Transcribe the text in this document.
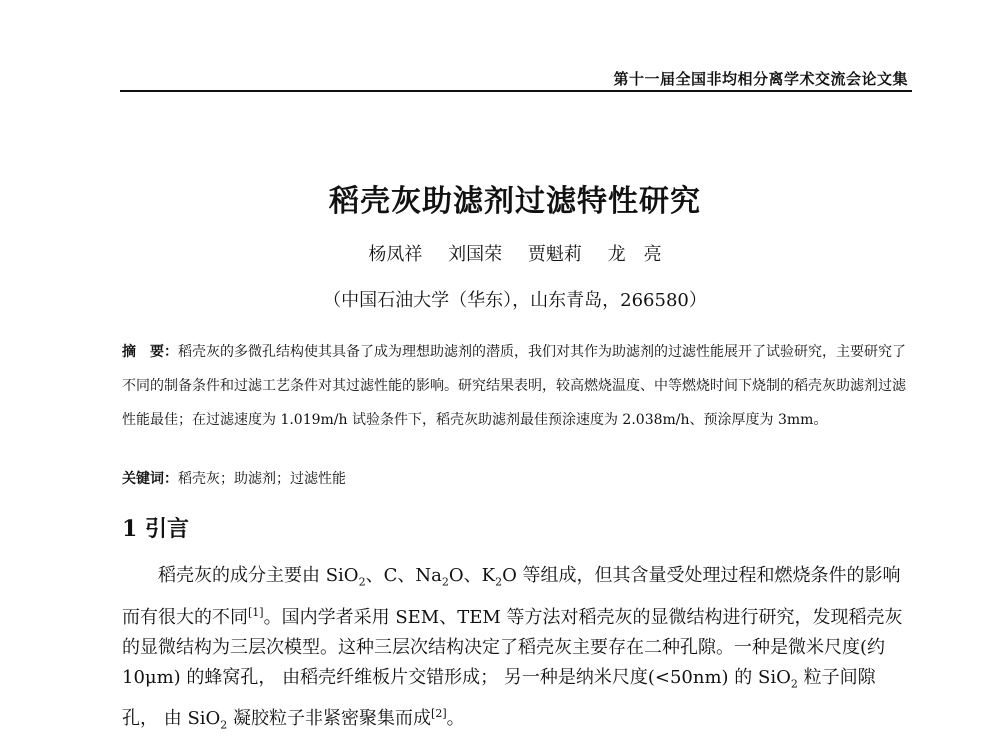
第十一届全国非均相分离学术交流会论文集
稻壳灰助滤剂过滤特性研究
杨凤祥 刘国荣 贾魁莉 龙　亮
（中国石油大学（华东），山东青岛，266580）
摘　要：稻壳灰的多微孔结构使其具备了成为理想助滤剂的潜质，我们对其作为助滤剂的过滤性能展开了试验研究，主要研究了不同的制备条件和过滤工艺条件对其过滤性能的影响。研究结果表明，较高燃烧温度、中等燃烧时间下烧制的稻壳灰助滤剂过滤性能最佳；在过滤速度为 1.019m/h 试验条件下，稻壳灰助滤剂最佳预涂速度为 2.038m/h、预涂厚度为 3mm。
关键词：稻壳灰；助滤剂；过滤性能
1 引言

稻壳灰的成分主要由 SiO$_2$、C、$Na_2O$、$K_2O$ 等组成，但其含量受处理过程和燃烧条件的影响而有很大的不同[1]。国内学者采用 SEM、TEM 等方法对稻壳灰的显微结构进行研究，发现稻壳灰的显微结构为三层次模型。这种三层次结构决定了稻壳灰主要存在二种孔隙。一种是微米尺度(约 10μm) 的蜂窝孔， 由稻壳纤维板片交错形成； 另一种是纳米尺度(<50nm) 的 SiO$_2$ 粒子间隙孔， 由 SiO$_2$ 凝胶粒子非紧密聚集而成[2]。
